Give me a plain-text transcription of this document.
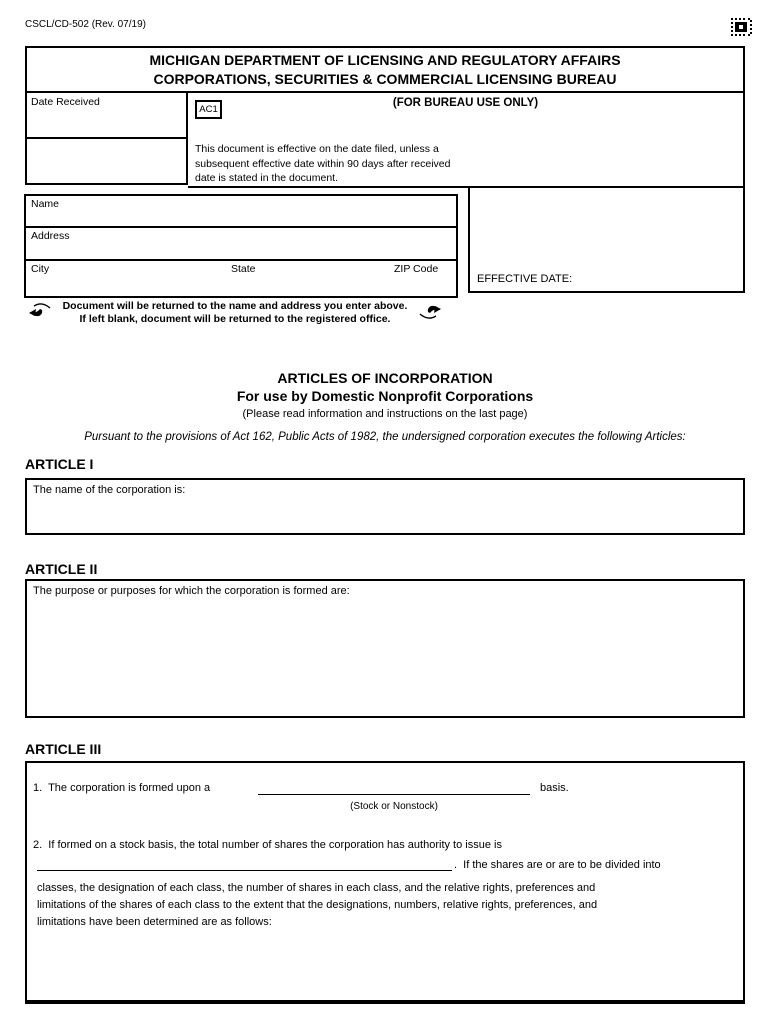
CSCL/CD-502 (Rev. 07/19)
MICHIGAN DEPARTMENT OF LICENSING AND REGULATORY AFFAIRS
CORPORATIONS, SECURITIES & COMMERCIAL LICENSING BUREAU
Date Received	(FOR BUREAU USE ONLY)
AC1
This document is effective on the date filed, unless a
subsequent effective date within 90 days after received
date is stated in the document.
EFFECTIVE DATE:
Name
Address
City	State	ZIP Code
Document will be returned to the name and address you enter above.
If left blank, document will be returned to the registered office.
ARTICLES OF INCORPORATION
For use by Domestic Nonprofit Corporations
(Please read information and instructions on the last page)
Pursuant to the provisions of Act 162, Public Acts of 1982, the undersigned corporation executes the following Articles:
ARTICLE I
The name of the corporation is:
ARTICLE II
The purpose or purposes for which the corporation is formed are:
ARTICLE III
1.  The corporation is formed upon a	basis.
(Stock or Nonstock)
2.  If formed on a stock basis, the total number of shares the corporation has authority to issue is
.  If the shares are or are to be divided into
classes, the designation of each class, the number of shares in each class, and the relative rights, preferences and
limitations of the shares of each class to the extent that the designations, numbers, relative rights, preferences, and
limitations have been determined are as follows:
